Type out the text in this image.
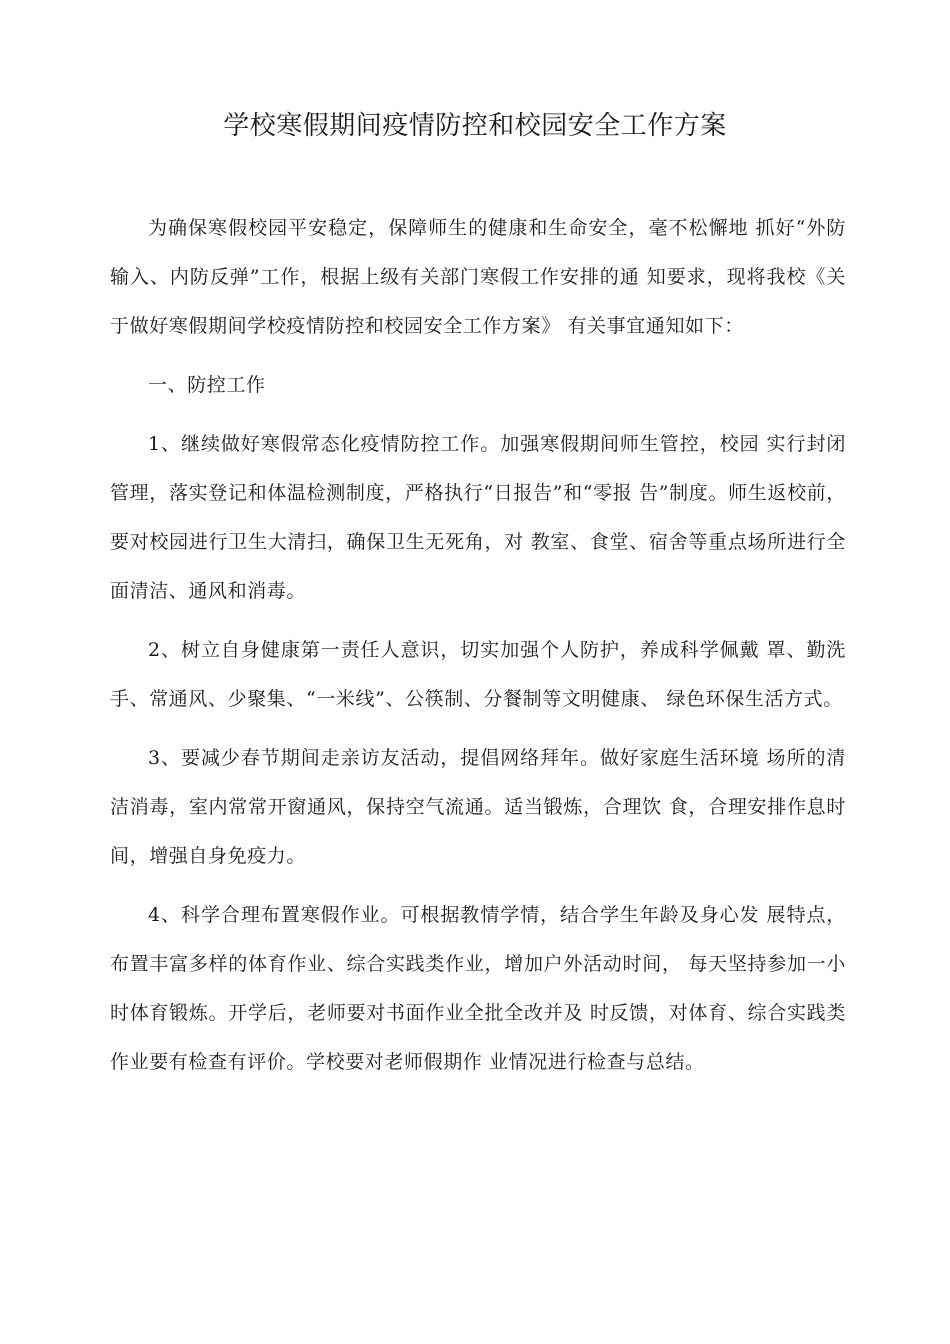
学校寒假期间疫情防控和校园安全工作方案

为确保寒假校园平安稳定，保障师生的健康和生命安全，毫不松懈地 抓好“外防输入、内防反弹”工作，根据上级有关部门寒假工作安排的通 知要求，现将我校《关于做好寒假期间学校疫情防控和校园安全工作方案》 有关事宜通知如下：

一、防控工作

1、继续做好寒假常态化疫情防控工作。加强寒假期间师生管控，校园 实行封闭管理，落实登记和体温检测制度，严格执行“日报告”和“零报 告”制度。师生返校前，要对校园进行卫生大清扫，确保卫生无死角，对 教室、食堂、宿舍等重点场所进行全面清洁、通风和消毒。

2、树立自身健康第一责任人意识，切实加强个人防护，养成科学佩戴 罩、勤洗手、常通风、少聚集、“一米线”、公筷制、分餐制等文明健康、 绿色环保生活方式。

3、要减少春节期间走亲访友活动，提倡网络拜年。做好家庭生活环境 场所的清洁消毒，室内常常开窗通风，保持空气流通。适当锻炼，合理饮 食，合理安排作息时间，增强自身免疫力。

4、科学合理布置寒假作业。可根据教情学情，结合学生年龄及身心发 展特点，布置丰富多样的体育作业、综合实践类作业，增加户外活动时间， 每天坚持参加一小时体育锻炼。开学后，老师要对书面作业全批全改并及 时反馈，对体育、综合实践类作业要有检查有评价。学校要对老师假期作 业情况进行检查与总结。
